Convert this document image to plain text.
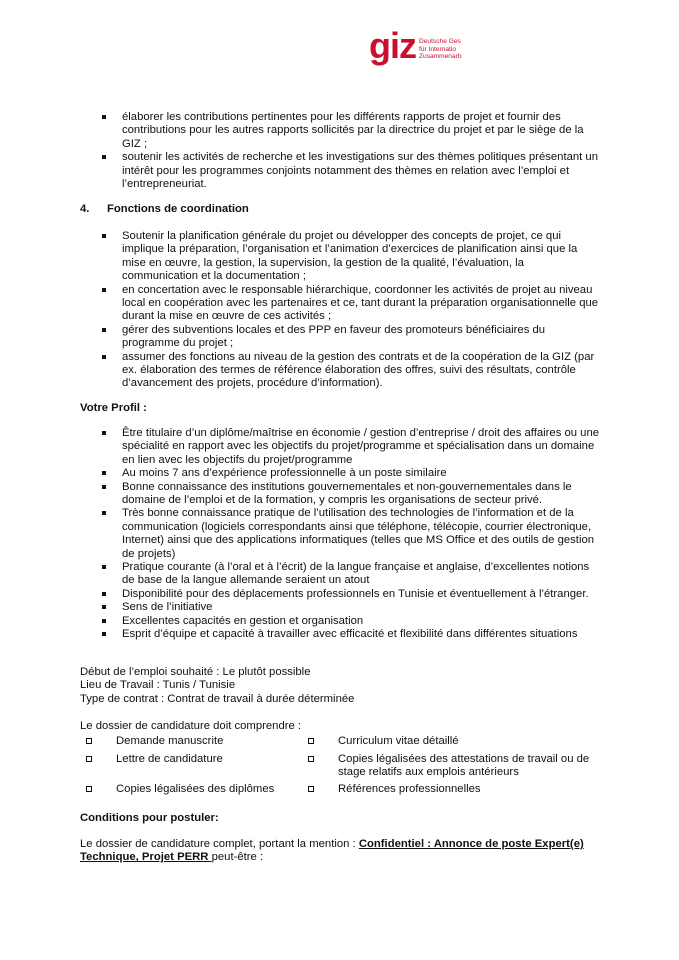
giz Deutsche Ges
für Internatio
Zusammenarb
élaborer les contributions pertinentes pour les différents rapports de projet et fournir des contributions pour les autres rapports sollicités par la directrice du projet et par le siège de la GIZ ;
soutenir les activités de recherche et les investigations sur des thèmes politiques présentant un intérêt pour les programmes conjoints notamment des thèmes en relation avec l’emploi et l’entrepreneuriat.
4. Fonctions de coordination
Soutenir la planification générale du projet ou développer des concepts de projet, ce qui implique la préparation, l’organisation et l’animation d’exercices de planification ainsi que la mise en œuvre, la gestion, la supervision, la gestion de la qualité, l’évaluation, la communication et la documentation ;
en concertation avec le responsable hiérarchique, coordonner les activités de projet au niveau local en coopération avec les partenaires et ce, tant durant la préparation organisationnelle que durant la mise en œuvre de ces activités ;
gérer des subventions locales et des PPP en faveur des promoteurs bénéficiaires du programme du projet ;
assumer des fonctions au niveau de la gestion des contrats et de la coopération de la GIZ (par ex. élaboration des termes de référence élaboration des offres, suivi des résultats, contrôle d’avancement des projets, procédure d’information).
Votre Profil :
Être titulaire d’un diplôme/maîtrise en économie / gestion d’entreprise / droit des affaires ou une spécialité en rapport avec les objectifs du projet/programme et spécialisation dans un domaine en lien avec les objectifs du projet/programme
Au moins 7 ans d’expérience professionnelle à un poste similaire
Bonne connaissance des institutions gouvernementales et non-gouvernementales dans le domaine de l’emploi et de la formation, y compris les organisations de secteur privé.
Très bonne connaissance pratique de l’utilisation des technologies de l’information et de la communication (logiciels correspondants ainsi que téléphone, télécopie, courrier électronique, Internet) ainsi que des applications informatiques (telles que MS Office et des outils de gestion de projets)
Pratique courante (à l’oral et à l’écrit) de la langue française et anglaise, d’excellentes notions de base de la langue allemande seraient un atout
Disponibilité pour des déplacements professionnels en Tunisie et éventuellement à l’étranger.
Sens de l’initiative
Excellentes capacités en gestion et organisation
Esprit d’équipe et capacité à travailler avec efficacité et flexibilité dans différentes situations
Début de l’emploi souhaité : Le plutôt possible
Lieu de Travail : Tunis / Tunisie
Type de contrat : Contrat de travail à durée déterminée
Le dossier de candidature doit comprendre :
Demande manuscrite
Lettre de candidature
Copies légalisées des diplômes
Curriculum vitae détaillé
Copies légalisées des attestations de travail ou de stage relatifs aux emplois antérieurs
Références professionnelles
Conditions pour postuler:
Le dossier de candidature complet, portant la mention : Confidentiel : Annonce de poste Expert(e) Technique, Projet PERR peut-être :
